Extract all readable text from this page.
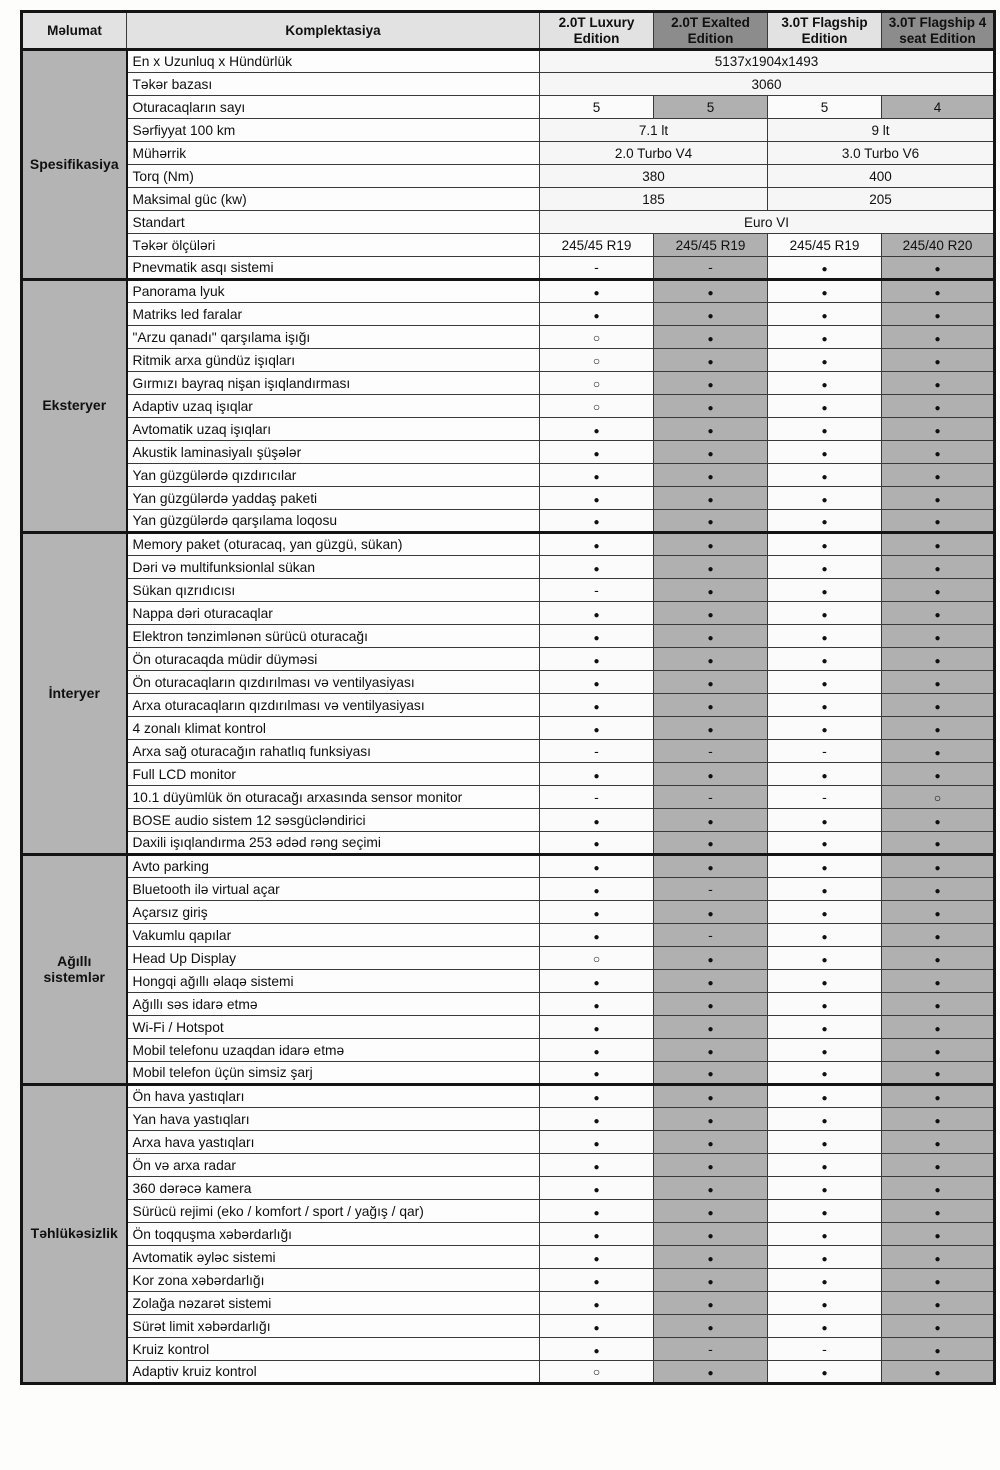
Məlumat	Komplektasiya	2.0T Luxury Edition	2.0T Exalted Edition	3.0T Flagship Edition	3.0T Flagship 4 seat Edition
Spesifikasiya	En x Uzunluq x Hündürlük	5137x1904x1493			
	Təkər bazası	3060			
	Oturacaqların sayı	5	5	5	4
	Sərfiyyat 100 km	7.1 lt		9 lt	
	Mühərrik	2.0 Turbo V4		3.0 Turbo V6	
	Torq (Nm)	380		400	
	Maksimal güc (kw)	185		205	
	Standart	Euro VI			
	Təkər ölçüləri	245/45 R19	245/45 R19	245/45 R19	245/40 R20
	Pnevmatik asqı sistemi	-	-	●	●
Eksteryer	Panorama lyuk	●	●	●	●
	Matriks led faralar	●	●	●	●
	"Arzu qanadı" qarşılama işığı	○	●	●	●
	Ritmik arxa gündüz işıqları	○	●	●	●
	Gırmızı bayraq nişan işıqlandırması	○	●	●	●
	Adaptiv uzaq işıqlar	○	●	●	●
	Avtomatik uzaq işıqları	●	●	●	●
	Akustik laminasiyalı şüşələr	●	●	●	●
	Yan güzgülərdə qızdırıcılar	●	●	●	●
	Yan güzgülərdə yaddaş paketi	●	●	●	●
	Yan güzgülərdə qarşılama loqosu	●	●	●	●
İnteryer	Memory paket (oturacaq, yan güzgü, sükan)	●	●	●	●
	Dəri və multifunksionlal sükan	●	●	●	●
	Sükan qızrıdıcısı	-	●	●	●
	Nappa dəri oturacaqlar	●	●	●	●
	Elektron tənzimlənən sürücü oturacağı	●	●	●	●
	Ön oturacaqda müdir düyməsi	●	●	●	●
	Ön oturacaqların qızdırılması və ventilyasiyası	●	●	●	●
	Arxa oturacaqların qızdırılması və ventilyasiyası	●	●	●	●
	4 zonalı klimat kontrol	●	●	●	●
	Arxa sağ oturacağın rahatlıq funksiyası	-	-	-	●
	Full LCD monitor	●	●	●	●
	10.1 düyümlük ön oturacağı arxasında sensor monitor	-	-	-	○
	BOSE audio sistem 12 səsgücləndirici	●	●	●	●
	Daxili işıqlandırma 253 ədəd rəng seçimi	●	●	●	●
Ağıllı sistemlər	Avto parking	●	●	●	●
	Bluetooth ilə virtual açar	●	-	●	●
	Açarsız giriş	●	●	●	●
	Vakumlu qapılar	●	-	●	●
	Head Up Display	○	●	●	●
	Hongqi ağıllı əlaqə sistemi	●	●	●	●
	Ağıllı səs idarə etmə	●	●	●	●
	Wi-Fi / Hotspot	●	●	●	●
	Mobil telefonu uzaqdan idarə etmə	●	●	●	●
	Mobil telefon üçün simsiz şarj	●	●	●	●
Təhlükəsizlik	Ön hava yastıqları	●	●	●	●
	Yan hava yastıqları	●	●	●	●
	Arxa hava yastıqları	●	●	●	●
	Ön və arxa radar	●	●	●	●
	360 dərəcə kamera	●	●	●	●
	Sürücü rejimi (eko / komfort / sport / yağış / qar)	●	●	●	●
	Ön toqquşma xəbərdarlığı	●	●	●	●
	Avtomatik əyləc sistemi	●	●	●	●
	Kor zona xəbərdarlığı	●	●	●	●
	Zolağa nəzarət sistemi	●	●	●	●
	Sürət limit xəbərdarlığı	●	●	●	●
	Kruiz kontrol	●	-	-	●
	Adaptiv kruiz kontrol	○	●	●	●
